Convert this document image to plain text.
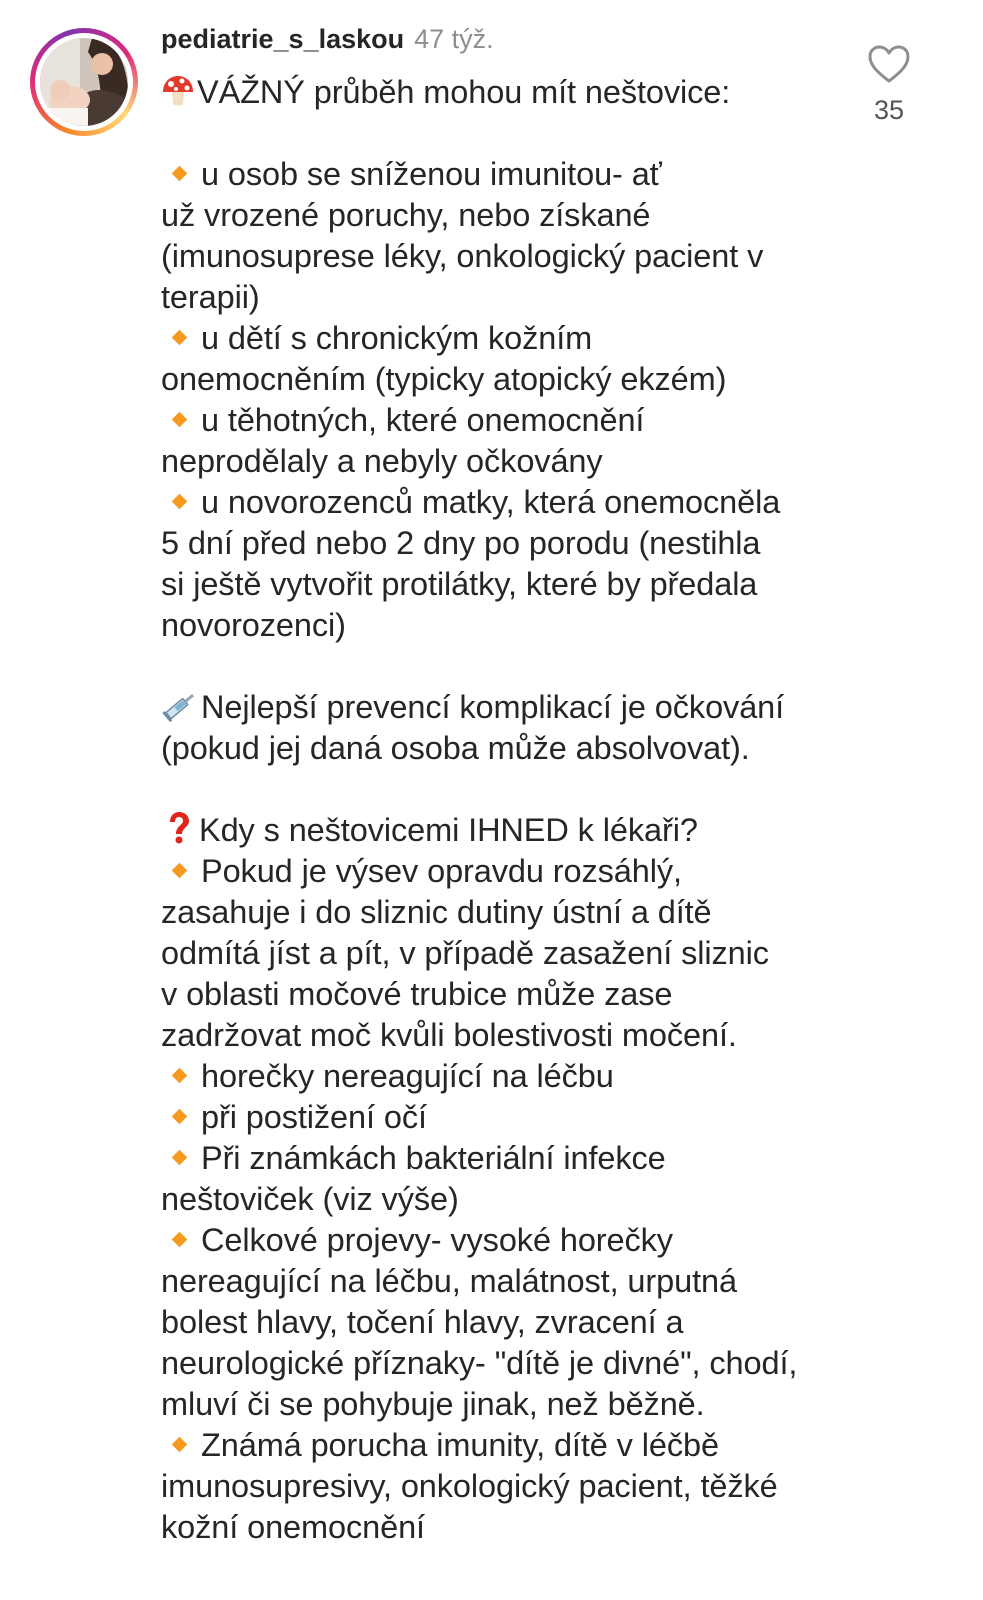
pediatrie_s_laskou 47 týž.
VÁŽNÝ průběh mohou mít neštovice:
u osob se sníženou imunitou- ať
už vrozené poruchy, nebo získané
(imunosuprese léky, onkologický pacient v
terapii)
u dětí s chronickým kožním
onemocněním (typicky atopický ekzém)
u těhotných, které onemocnění
neprodělaly a nebyly očkovány
u novorozenců matky, která onemocněla
5 dní před nebo 2 dny po porodu (nestihla
si ještě vytvořit protilátky, které by předala
novorozenci)
Nejlepší prevencí komplikací je očkování
(pokud jej daná osoba může absolvovat).
Kdy s neštovicemi IHNED k lékaři?
Pokud je výsev opravdu rozsáhlý,
zasahuje i do sliznic dutiny ústní a dítě
odmítá jíst a pít, v případě zasažení sliznic
v oblasti močové trubice může zase
zadržovat moč kvůli bolestivosti močení.
horečky nereagující na léčbu
při postižení očí
Při známkách bakteriální infekce
neštoviček (viz výše)
Celkové projevy- vysoké horečky
nereagující na léčbu, malátnost, urputná
bolest hlavy, točení hlavy, zvracení a
neurologické příznaky- "dítě je divné", chodí,
mluví či se pohybuje jinak, než běžně.
Známá porucha imunity, dítě v léčbě
imunosupresivy, onkologický pacient, těžké
kožní onemocnění
35
